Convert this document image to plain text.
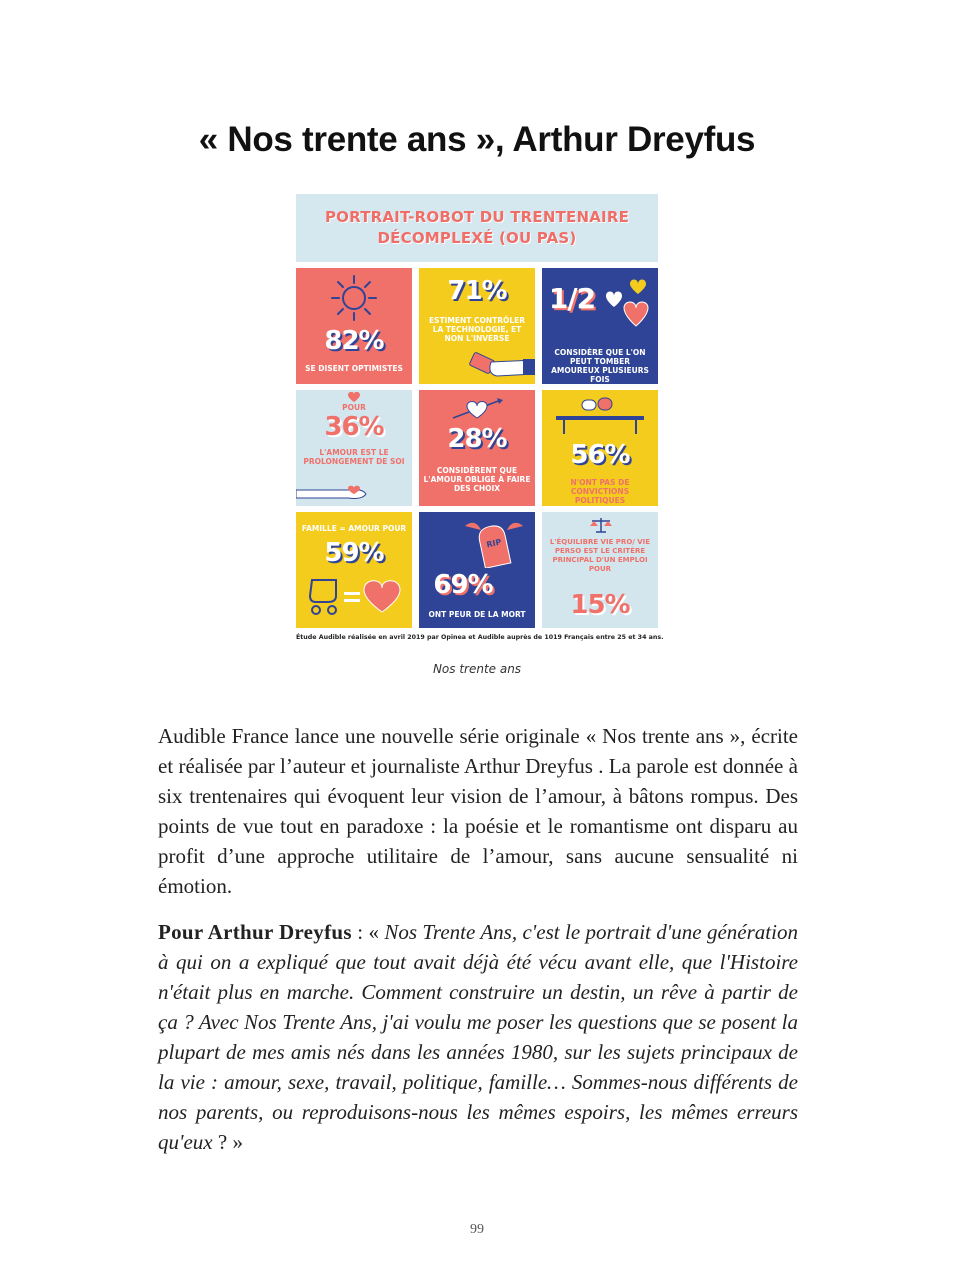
« Nos trente ans », Arthur Dreyfus
PORTRAIT-ROBOT DU TRENTENAIRE
DÉCOMPLEXÉ (OU PAS)
82%
SE DISENT OPTIMISTES
71%
ESTIMENT CONTRÔLER LA TECHNOLOGIE, ET NON L'INVERSE
1/2
CONSIDÈRE QUE L'ON PEUT TOMBER AMOUREUX PLUSIEURS FOIS
POUR
36%
L'AMOUR EST LE PROLONGEMENT DE SOI
28%
CONSIDÈRENT QUE L'AMOUR OBLIGE À FAIRE DES CHOIX
56%
N'ONT PAS DE CONVICTIONS POLITIQUES
FAMILLE = AMOUR POUR
59%	RIP
69%
ONT PEUR DE LA MORT
L'ÉQUILIBRE VIE PRO/ VIE PERSO EST LE CRITÈRE PRINCIPAL D'UN EMPLOI POUR
15%
Étude Audible réalisée en avril 2019 par Opinea et Audible auprès de 1019 Français entre 25 et 34 ans.
Nos trente ans

Audible France lance une nouvelle série originale « Nos trente ans », écrite et réalisée par l’auteur et journaliste Arthur Dreyfus . La parole est donnée à six trentenaires qui évoquent leur vision de l’amour, à bâtons rompus. Des points de vue tout en paradoxe : la poésie et le romantisme ont disparu au profit d’une approche utilitaire de l’amour, sans aucune sensualité ni émotion.

Pour Arthur Dreyfus : « Nos Trente Ans, c'est le portrait d'une génération à qui on a expliqué que tout avait déjà été vécu avant elle, que l'Histoire n'était plus en marche. Comment construire un destin, un rêve à partir de ça ? Avec Nos Trente Ans, j'ai voulu me poser les questions que se posent la plupart de mes amis nés dans les années 1980, sur les sujets principaux de la vie : amour, sexe, travail, politique, famille… Sommes-nous différents de nos parents, ou reproduisons-nous les mêmes espoirs, les mêmes erreurs qu'eux ? »

99
